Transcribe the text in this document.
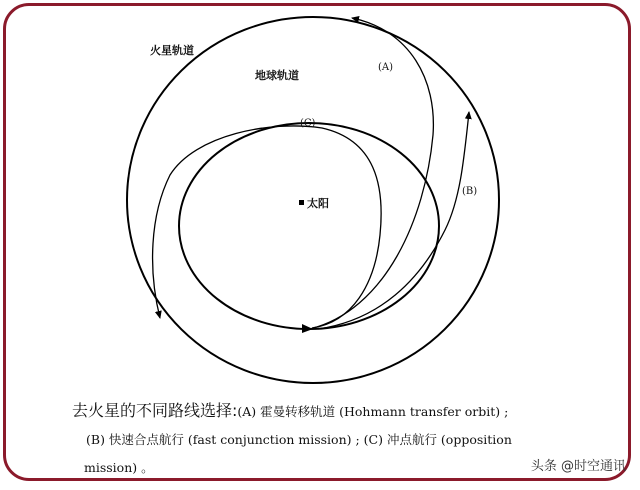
火星轨道
地球轨道
太阳
(A)
(B)
(C)
去火星的不同路线选择:(A) 霍曼转移轨道 (Hohmann transfer orbit) ;
(B) 快速合点航行 (fast conjunction mission) ; (C) 冲点航行 (opposition
mission) 。	头条 @时空通讯
